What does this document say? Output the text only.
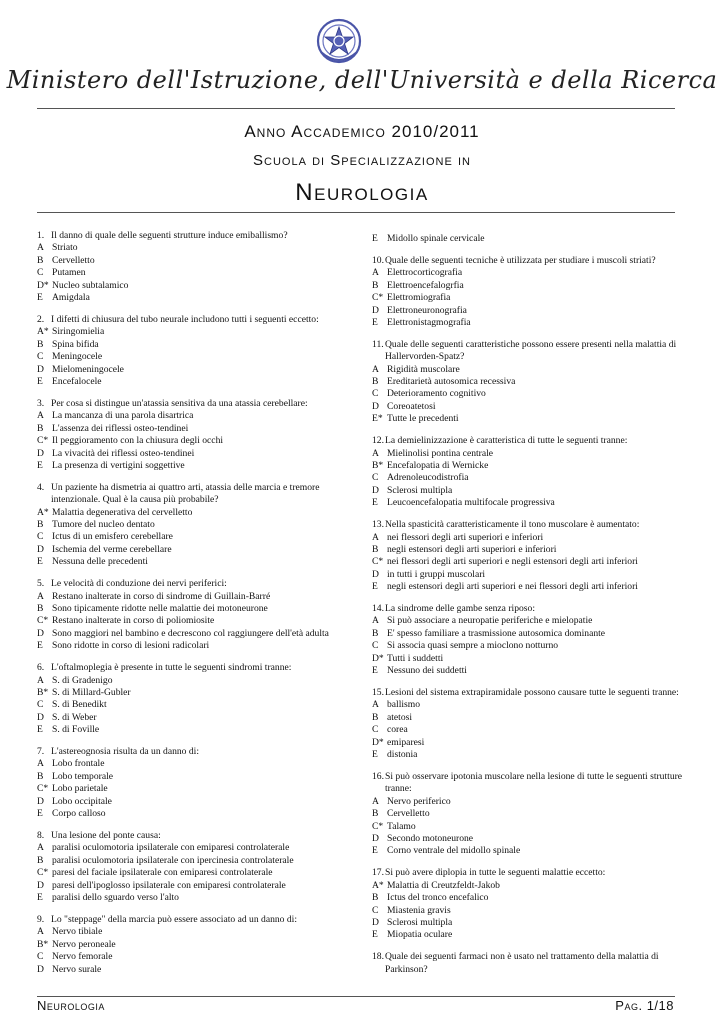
Ministero dell'Istruzione, dell'Università e della Ricerca
Anno Accademico 2010/2011
Scuola di Specializzazione in
Neurologia
1. Il danno di quale delle seguenti strutture induce emiballismo?
A Striato
B Cervelletto
C Putamen
D* Nucleo subtalamico
E Amigdala
2. I difetti di chiusura del tubo neurale includono tutti i seguenti eccetto:
A* Siringomielia
B Spina bifida
C Meningocele
D Mielomeningocele
E Encefalocele
3. Per cosa si distingue un'atassia sensitiva da una atassia cerebellare:
A La mancanza di una parola disartrica
B L'assenza dei riflessi osteo-tendinei
C* Il peggioramento con la chiusura degli occhi
D La vivacità dei riflessi osteo-tendinei
E La presenza di vertigini soggettive
4. Un paziente ha dismetria ai quattro arti, atassia delle marcia e tremore intenzionale. Qual è la causa più probabile?
A* Malattia degenerativa del cervelletto
B Tumore del nucleo dentato
C Ictus di un emisfero cerebellare
D Ischemia del verme cerebellare
E Nessuna delle precedenti
5. Le velocità di conduzione dei nervi periferici:
A Restano inalterate in corso di sindrome di Guillain-Barré
B Sono tipicamente ridotte nelle malattie dei motoneurone
C* Restano inalterate in corso di poliomiosite
D Sono maggiori nel bambino e decrescono col raggiungere dell'età adulta
E Sono ridotte in corso di lesioni radicolari
6. L'oftalmoplegia è presente in tutte le seguenti sindromi tranne:
A S. di Gradenigo
B* S. di Millard-Gubler
C S. di Benedikt
D S. di Weber
E S. di Foville
7. L'astereognosia risulta da un danno di:
A Lobo frontale
B Lobo temporale
C* Lobo parietale
D Lobo occipitale
E Corpo calloso
8. Una lesione del ponte causa:
A paralisi oculomotoria ipsilaterale con emiparesi controlaterale
B paralisi oculomotoria ipsilaterale con ipercinesia controlaterale
C* paresi del faciale ipsilaterale con emiparesi controlaterale
D paresi dell'ipoglosso ipsilaterale con emiparesi controlaterale
E paralisi dello sguardo verso l'alto
9. Lo "steppage" della marcia può essere associato ad un danno di:
A Nervo tibiale
B* Nervo peroneale
C Nervo femorale
D Nervo surale
E Midollo spinale cervicale
10. Quale delle seguenti tecniche è utilizzata per studiare i muscoli striati?
A Elettrocorticografia
B Elettroencefalogrfia
C* Elettromiografia
D Elettroneuronografia
E Elettronistagmografia
11. Quale delle seguenti caratteristiche possono essere presenti nella malattia di Hallervorden-Spatz?
A Rigidità muscolare
B Ereditarietà autosomica recessiva
C Deterioramento cognitivo
D Coreoatetosi
E* Tutte le precedenti
12. La demielinizzazione è caratteristica di tutte le seguenti tranne:
A Mielinolisi pontina centrale
B* Encefalopatia di Wernicke
C Adrenoleucodistrofia
D Sclerosi multipla
E Leucoencefalopatia multifocale progressiva
13. Nella spasticità caratteristicamente il tono muscolare è aumentato:
A nei flessori degli arti superiori e inferiori
B negli estensori degli arti superiori e inferiori
C* nei flessori degli arti superiori e negli estensori degli arti inferiori
D in tutti i gruppi muscolari
E negli estensori degli arti superiori e nei flessori degli arti inferiori
14. La sindrome delle gambe senza riposo:
A Si può associare a neuropatie periferiche e mielopatie
B E' spesso familiare a trasmissione autosomica dominante
C Si associa quasi sempre a mioclono notturno
D* Tutti i suddetti
E Nessuno dei suddetti
15. Lesioni del sistema extrapiramidale possono causare tutte le seguenti tranne:
A ballismo
B atetosi
C corea
D* emiparesi
E distonia
16. Si può osservare ipotonia muscolare nella lesione di tutte le seguenti strutture tranne:
A Nervo periferico
B Cervelletto
C* Talamo
D Secondo motoneurone
E Corno ventrale del midollo spinale
17. Si può avere diplopia in tutte le seguenti malattie eccetto:
A* Malattia di Creutzfeldt-Jakob
B Ictus del tronco encefalico
C Miastenia gravis
D Sclerosi multipla
E Miopatia oculare
18. Quale dei seguenti farmaci non è usato nel trattamento della malattia di Parkinson?
Neurologia	Pag. 1/18
